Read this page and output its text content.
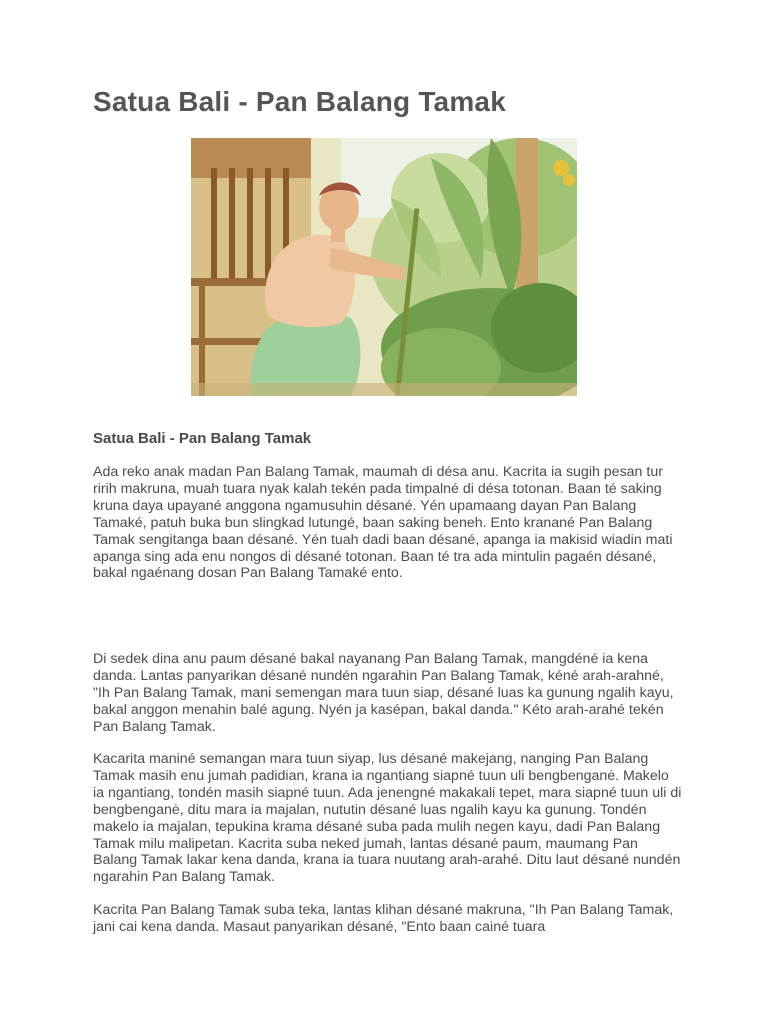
Satua Bali - Pan Balang Tamak
Satua Bali - Pan Balang Tamak

Ada reko anak madan Pan Balang Tamak, maumah di désa anu. Kacrita ia sugih pesan tur ririh makruna, muah tuara nyak kalah tekén pada timpalné di désa totonan. Baan té saking kruna daya upayané anggona ngamusuhin désané. Yén upamaang dayan Pan Balang Tamaké, patuh buka bun slingkad lutungé, baan saking beneh. Ento kranané Pan Balang Tamak sengitanga baan désané. Yén tuah dadi baan désané, apanga ia makisid wiadin mati apanga sing ada enu nongos di désané totonan. Baan té tra ada mintulin pagaén désané, bakal ngaénang dosan Pan Balang Tamaké ento.

Di sedek dina anu paum désané bakal nayanang Pan Balang Tamak, mangdéné ia kena danda. Lantas panyarikan désané nundén ngarahin Pan Balang Tamak, kéné arah-arahné, "Ih Pan Balang Tamak, mani semengan mara tuun siap, désané luas ka gunung ngalih kayu, bakal anggon menahin balé agung. Nyén ja kasépan, bakal danda." Kéto arah-arahé tekén Pan Balang Tamak.

Kacarita maniné semangan mara tuun siyap, lus désané makejang, nanging Pan Balang Tamak masih enu jumah padidian, krana ia ngantiang siapné tuun uli bengbenganė. Makelo ia ngantiang, tondén masih siapné tuun. Ada jenengné makakali tepet, mara siapné tuun uli di bengbenganė, ditu mara ia majalan, nututin désané luas ngalih kayu ka gunung. Tondén makelo ia majalan, tepukina krama désané suba pada mulih negen kayu, dadi Pan Balang Tamak milu malipetan. Kacrita suba neked jumah, lantas désané paum, maumang Pan Balang Tamak lakar kena danda, krana ia tuara nuutang arah-arahé. Ditu laut désané nundén ngarahin Pan Balang Tamak.

Kacrita Pan Balang Tamak suba teka, lantas klihan désané makruna, "Ih Pan Balang Tamak, jani cai kena danda. Masaut panyarikan désané, "Ento baan cainé tuara
